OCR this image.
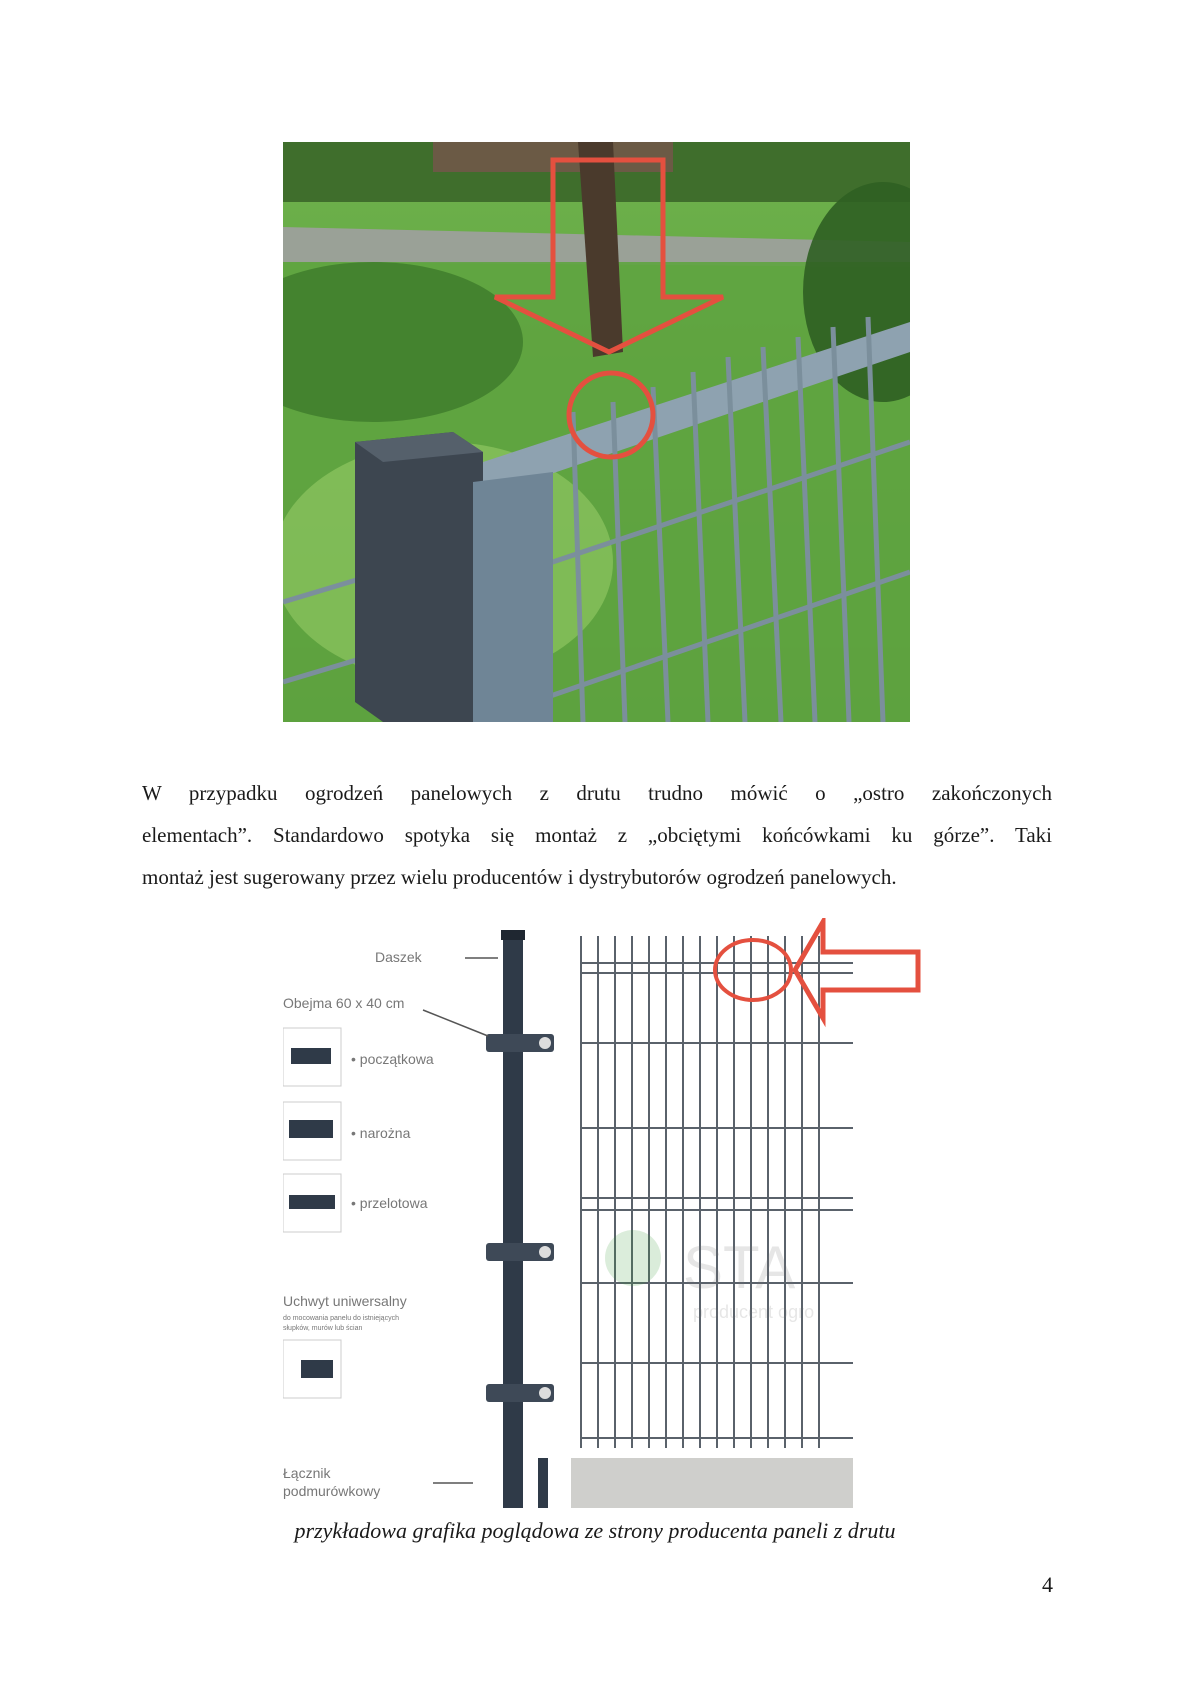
W przypadku ogrodzeń panelowych z drutu trudno mówić o „ostro zakończonych
elementach”. Standardowo spotyka się montaż z „obciętymi końcówkami ku górze”. Taki
montaż jest sugerowany przez wielu producentów i dystrybutorów ogrodzeń panelowych.

STA
producent ogro
Daszek
Obejma 60 x 40 cm
• początkowa
• narożna
• przelotowa
Uchwyt uniwersalny
do mocowania panelu do istniejących
słupków, murów lub ścian
Łącznik
podmurówkowy
przykładowa grafika poglądowa ze strony producenta paneli z drutu
4
